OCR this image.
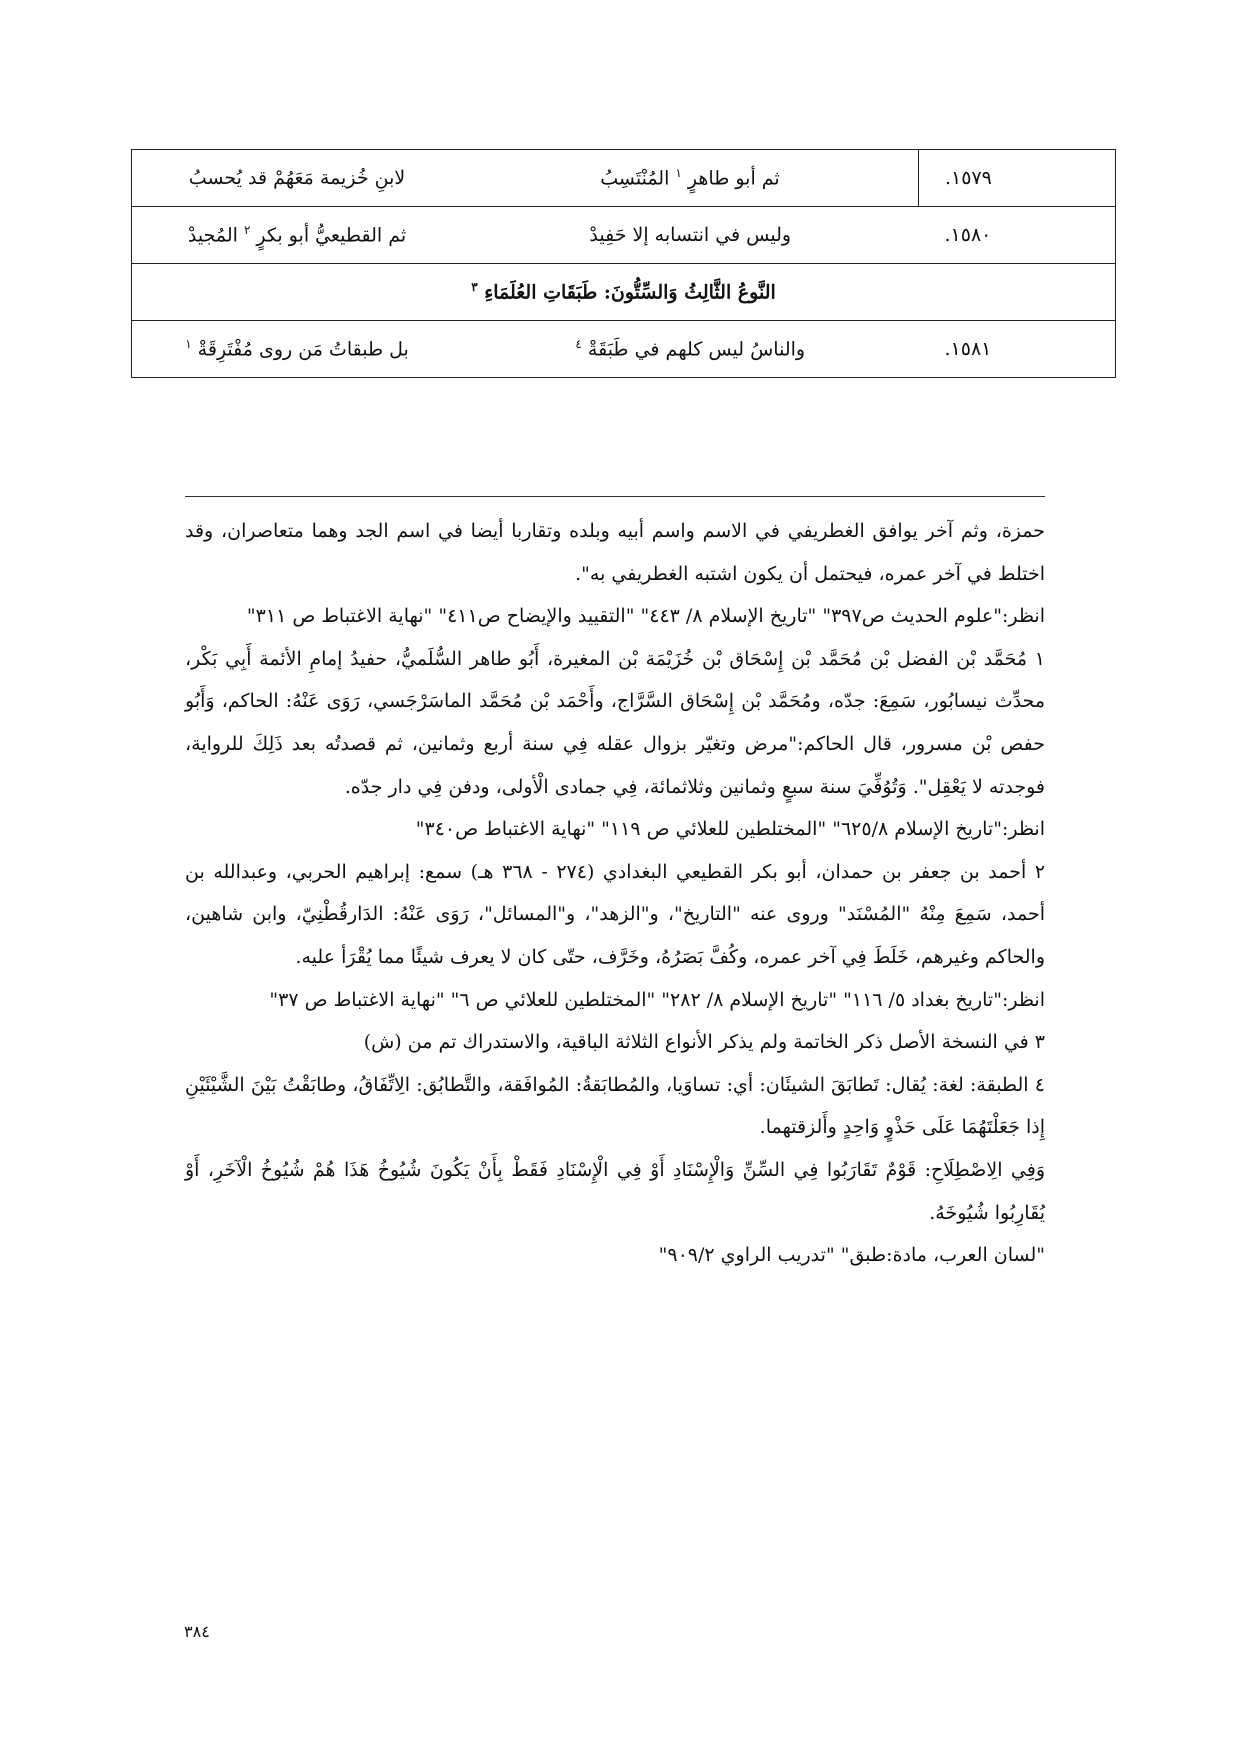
١٥٧٩.	ثم أبو طاهرٍ $^١$ المُنْتَسِبُ	لابنِ خُزيمة مَعَهُمْ قد يُحسبُ
١٥٨٠.	وليس في انتسابه إلا حَفِيدْ	ثم القطيعيُّ أبو بكرٍ $^٢$ المُجيدْ
النَّوعُ الثَّالِثُ وَالسِّتُّونَ: طَبَقَاتِ العُلَمَاءِ $^٣$
١٥٨١.	والناسُ ليس كلهم في طَبَقَةْ $^٤$	بل طبقاتُ مَن روى مُفْتَرِقَةْ $^١$

حمزة، وثم آخر يوافق الغطريفي في الاسم واسم أبيه وبلده وتقاربا أيضا في اسم الجد وهما متعاصران، وقد اختلط في آخر عمره، فيحتمل أن يكون اشتبه الغطريفي به".

انظر:"علوم الحديث ص٣٩٧" "تاريخ الإسلام ٨/ ٤٤٣" "التقييد والإيضاح ص٤١١" "نهاية الاغتباط ص ٣١١"

١ مُحَمَّد بْن الفضل بْن مُحَمَّد بْن إِسْحَاق بْن خُزَيْمَة بْن المغيرة، أَبُو طاهر السُّلَميُّ، حفيدُ إمامِ الأئمة أَبِي بَكْر، محدِّث نيسابُور، سَمِعَ: جدّه، ومُحَمَّد بْن إِسْحَاق السَّرَّاج، وأَحْمَد بْن مُحَمَّد الماسَرْجَسي، رَوَى عَنْهُ: الحاكم، وَأَبُو حفص بْن مسرور، قال الحاكم:"مرض وتغيّر بزوال عقله فِي سنة أربع وثمانين، ثم قصدتُه بعد ذَلِكَ للرواية، فوجدته لا يَعْقِل". وَتُوُفِّيَ سنة سبعٍ وثمانين وثلاثمائة، فِي جمادى الْأولى، ودفن فِي دار جدّه.

انظر:"تاريخ الإسلام ٦٢٥/٨" "المختلطين للعلائي ص ١١٩" "نهاية الاغتباط ص٣٤٠"

٢ أحمد بن جعفر بن حمدان، أبو بكر القطيعي البغدادي (٢٧٤ - ٣٦٨ هـ) سمع: إبراهيم الحربي، وعبدالله بن أحمد، سَمِعَ مِنْهُ "المُسْنَد" وروى عنه "التاريخ"، و"الزهد"، و"المسائل"، رَوَى عَنْهُ: الدَارقُطْنِيّ، وابن شاهين، والحاكم وغيرهم، خَلَطَ فِي آخر عمره، وكُفَّ بَصَرُهُ، وخَرَّف، حتّى كان لا يعرف شيئًا مما يُقْرَأ عليه.

انظر:"تاريخ بغداد ٥/ ١١٦" "تاريخ الإسلام ٨/ ٢٨٢" "المختلطين للعلائي ص ٦" "نهاية الاغتباط ص ٣٧"

٣ في النسخة الأصل ذكر الخاتمة ولم يذكر الأنواع الثلاثة الباقية، والاستدراك تم من (ش)

٤ الطبقة: لغة: يُقال: تَطابَقَ الشيئَان: أي: تساوَيا، والمُطابَقةُ: المُوافَقة، والتَّطابُق: الِاتِّفَاقُ، وطابَقْتُ بَيْنَ الشَّيْئَيْنِ إِذا جَعَلْتَهُمَا عَلَى حَذْوٍ وَاحِدٍ وأَلزقتهما.

وَفِي الِاصْطِلَاحِ: قَوْمٌ تَقَارَبُوا فِي السِّنِّ وَالْإِسْنَادِ أَوْ فِي الْإِسْنَادِ فَقَطْ بِأَنْ يَكُونَ شُيُوخُ هَذَا هُمْ شُيُوخُ الْآخَرِ، أَوْ يُقَارِبُوا شُيُوخَهُ.

"لسان العرب، مادة:طبق" "تدريب الراوي ٩٠٩/٢"

٣٨٤
